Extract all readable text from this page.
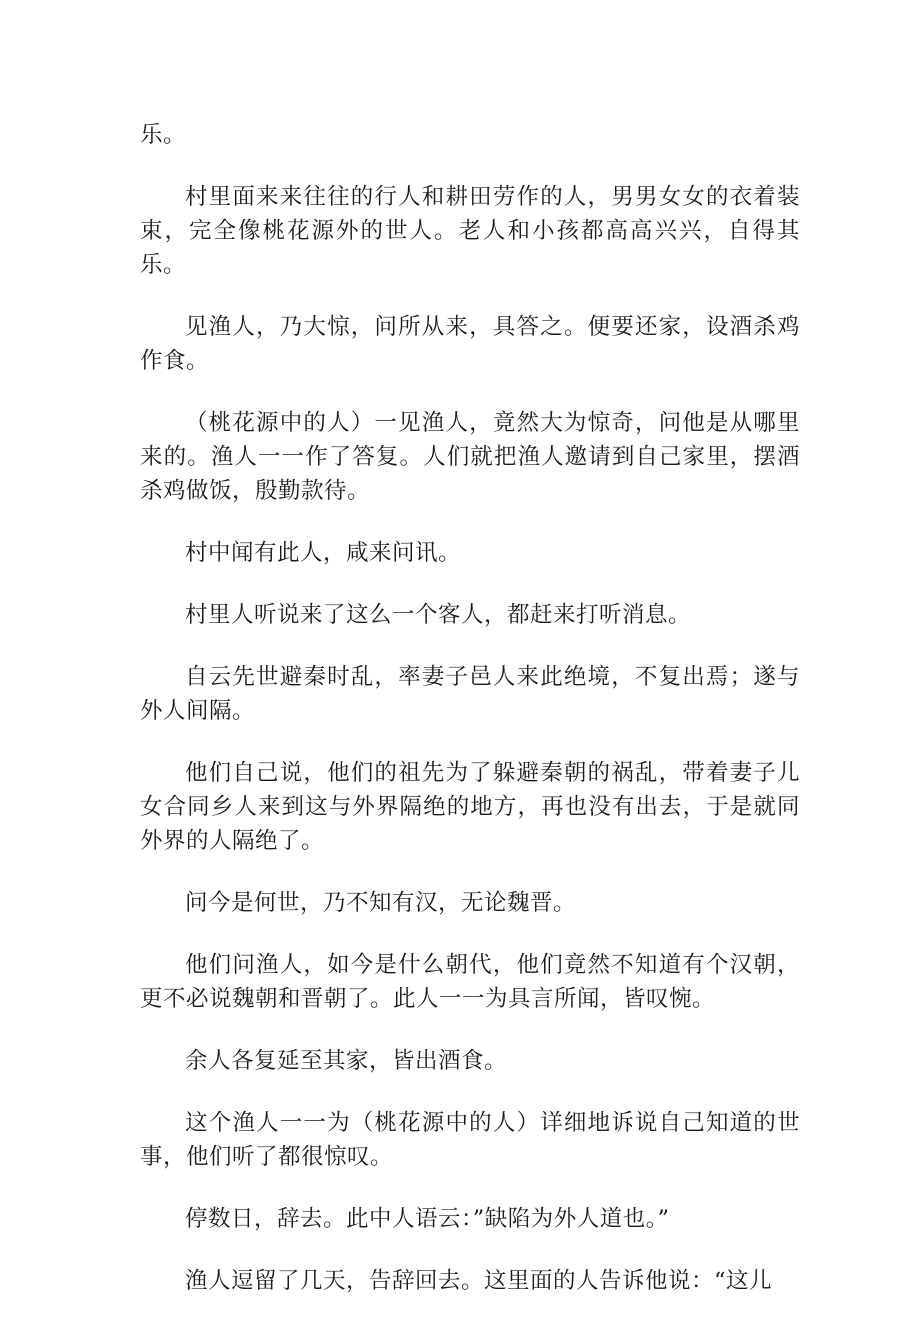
乐。

村里面来来往往的行人和耕田劳作的人，男男女女的衣着装束，完全像桃花源外的世人。老人和小孩都高高兴兴，自得其乐。

见渔人，乃大惊，问所从来，具答之。便要还家，设酒杀鸡作食。

（桃花源中的人）一见渔人，竟然大为惊奇，问他是从哪里来的。渔人一一作了答复。人们就把渔人邀请到自己家里，摆酒杀鸡做饭，殷勤款待。

村中闻有此人，咸来问讯。

村里人听说来了这么一个客人，都赶来打听消息。

自云先世避秦时乱，率妻子邑人来此绝境，不复出焉；遂与外人间隔。

他们自己说，他们的祖先为了躲避秦朝的祸乱，带着妻子儿女合同乡人来到这与外界隔绝的地方，再也没有出去，于是就同外界的人隔绝了。

问今是何世，乃不知有汉，无论魏晋。

他们问渔人，如今是什么朝代，他们竟然不知道有个汉朝，更不必说魏朝和晋朝了。此人一一为具言所闻，皆叹惋。

余人各复延至其家，皆出酒食。

这个渔人一一为（桃花源中的人）详细地诉说自己知道的世事，他们听了都很惊叹。

停数日，辞去。此中人语云：”缺陷为外人道也。”

渔人逗留了几天，告辞回去。这里面的人告诉他说：“这儿
